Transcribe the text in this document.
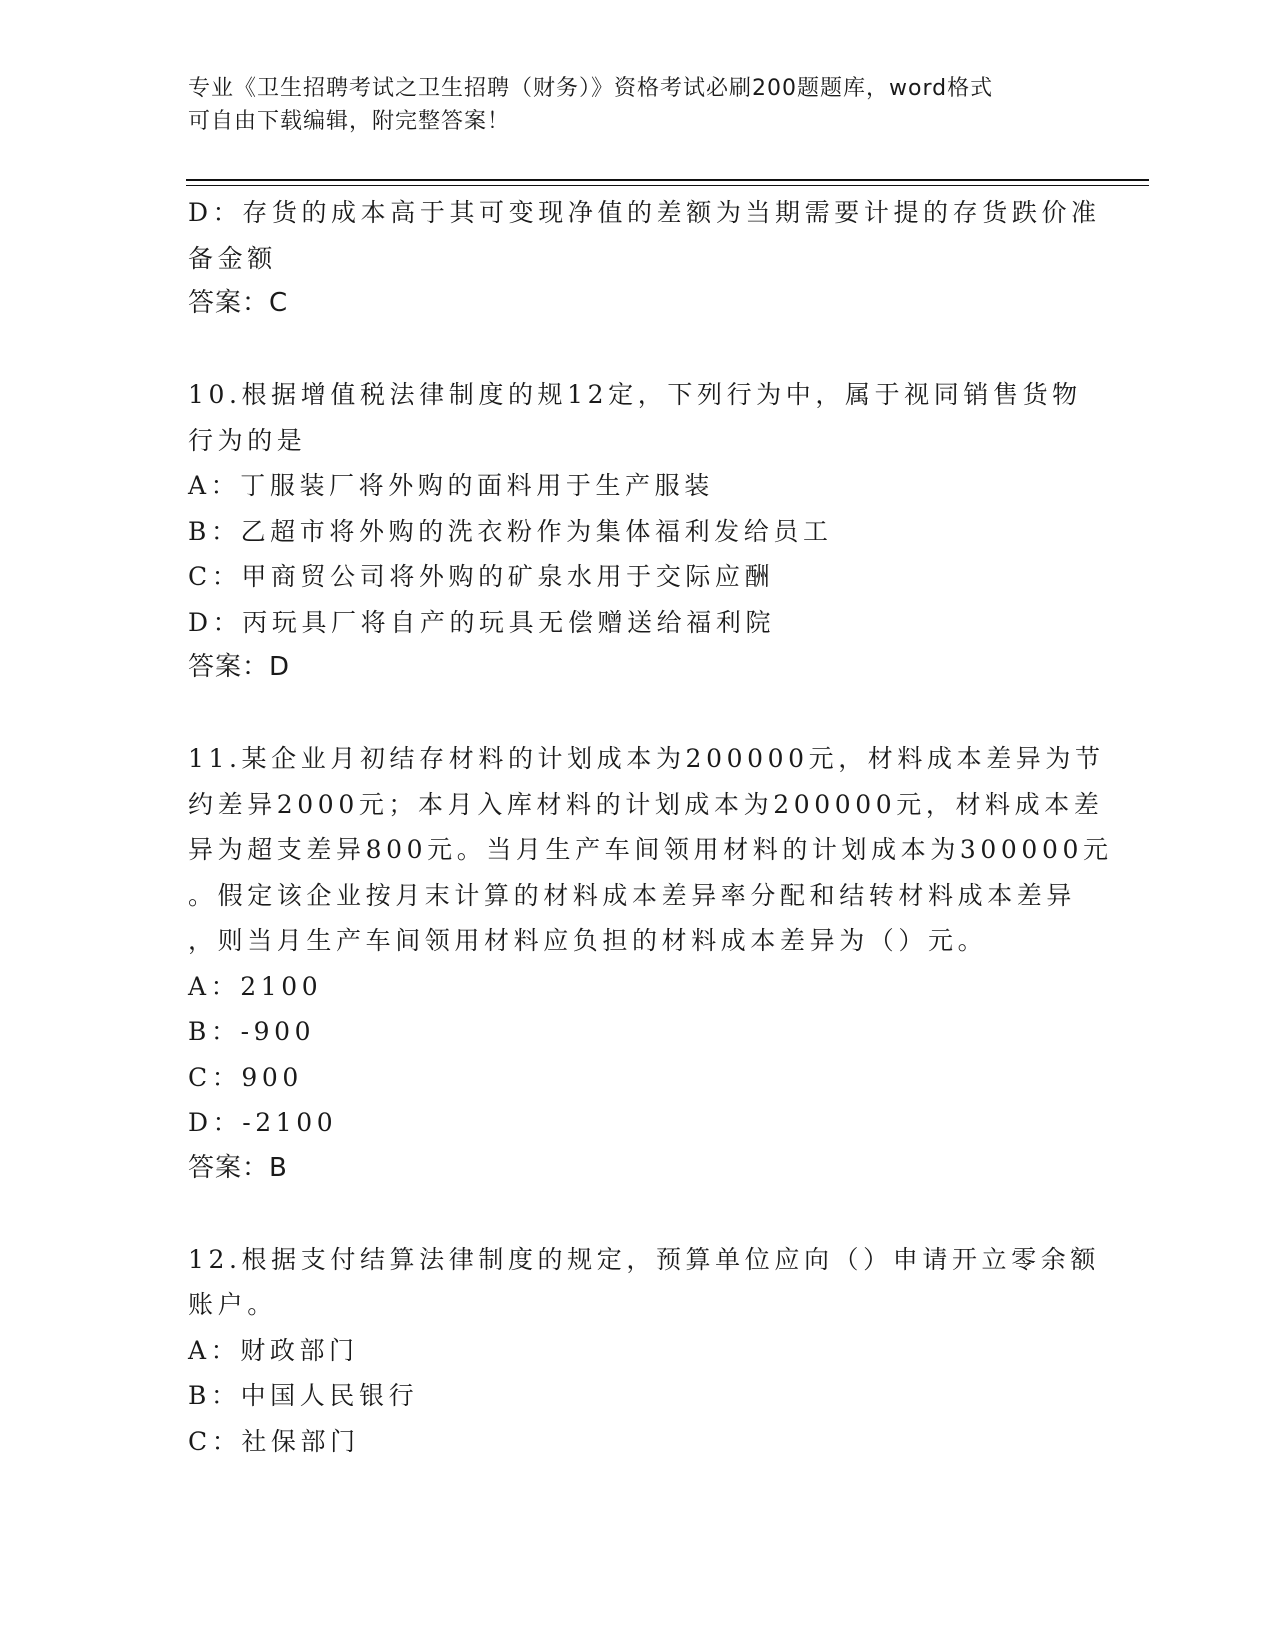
专业《卫生招聘考试之卫生招聘（财务）》资格考试必刷200题题库，word格式
可自由下载编辑，附完整答案！
D：存货的成本高于其可变现净值的差额为当期需要计提的存货跌价准
备金额
答案：C
10.根据增值税法律制度的规12定，下列行为中，属于视同销售货物
行为的是
A：丁服装厂将外购的面料用于生产服装
B：乙超市将外购的洗衣粉作为集体福利发给员工
C：甲商贸公司将外购的矿泉水用于交际应酬
D：丙玩具厂将自产的玩具无偿赠送给福利院
答案：D
11.某企业月初结存材料的计划成本为200000元，材料成本差异为节
约差异2000元；本月入库材料的计划成本为200000元，材料成本差
异为超支差异800元。当月生产车间领用材料的计划成本为300000元
。假定该企业按月末计算的材料成本差异率分配和结转材料成本差异
，则当月生产车间领用材料应负担的材料成本差异为（）元。
A：2100
B：-900
C：900
D：-2100
答案：B
12.根据支付结算法律制度的规定，预算单位应向（）申请开立零余额
账户。
A：财政部门
B：中国人民银行
C：社保部门
